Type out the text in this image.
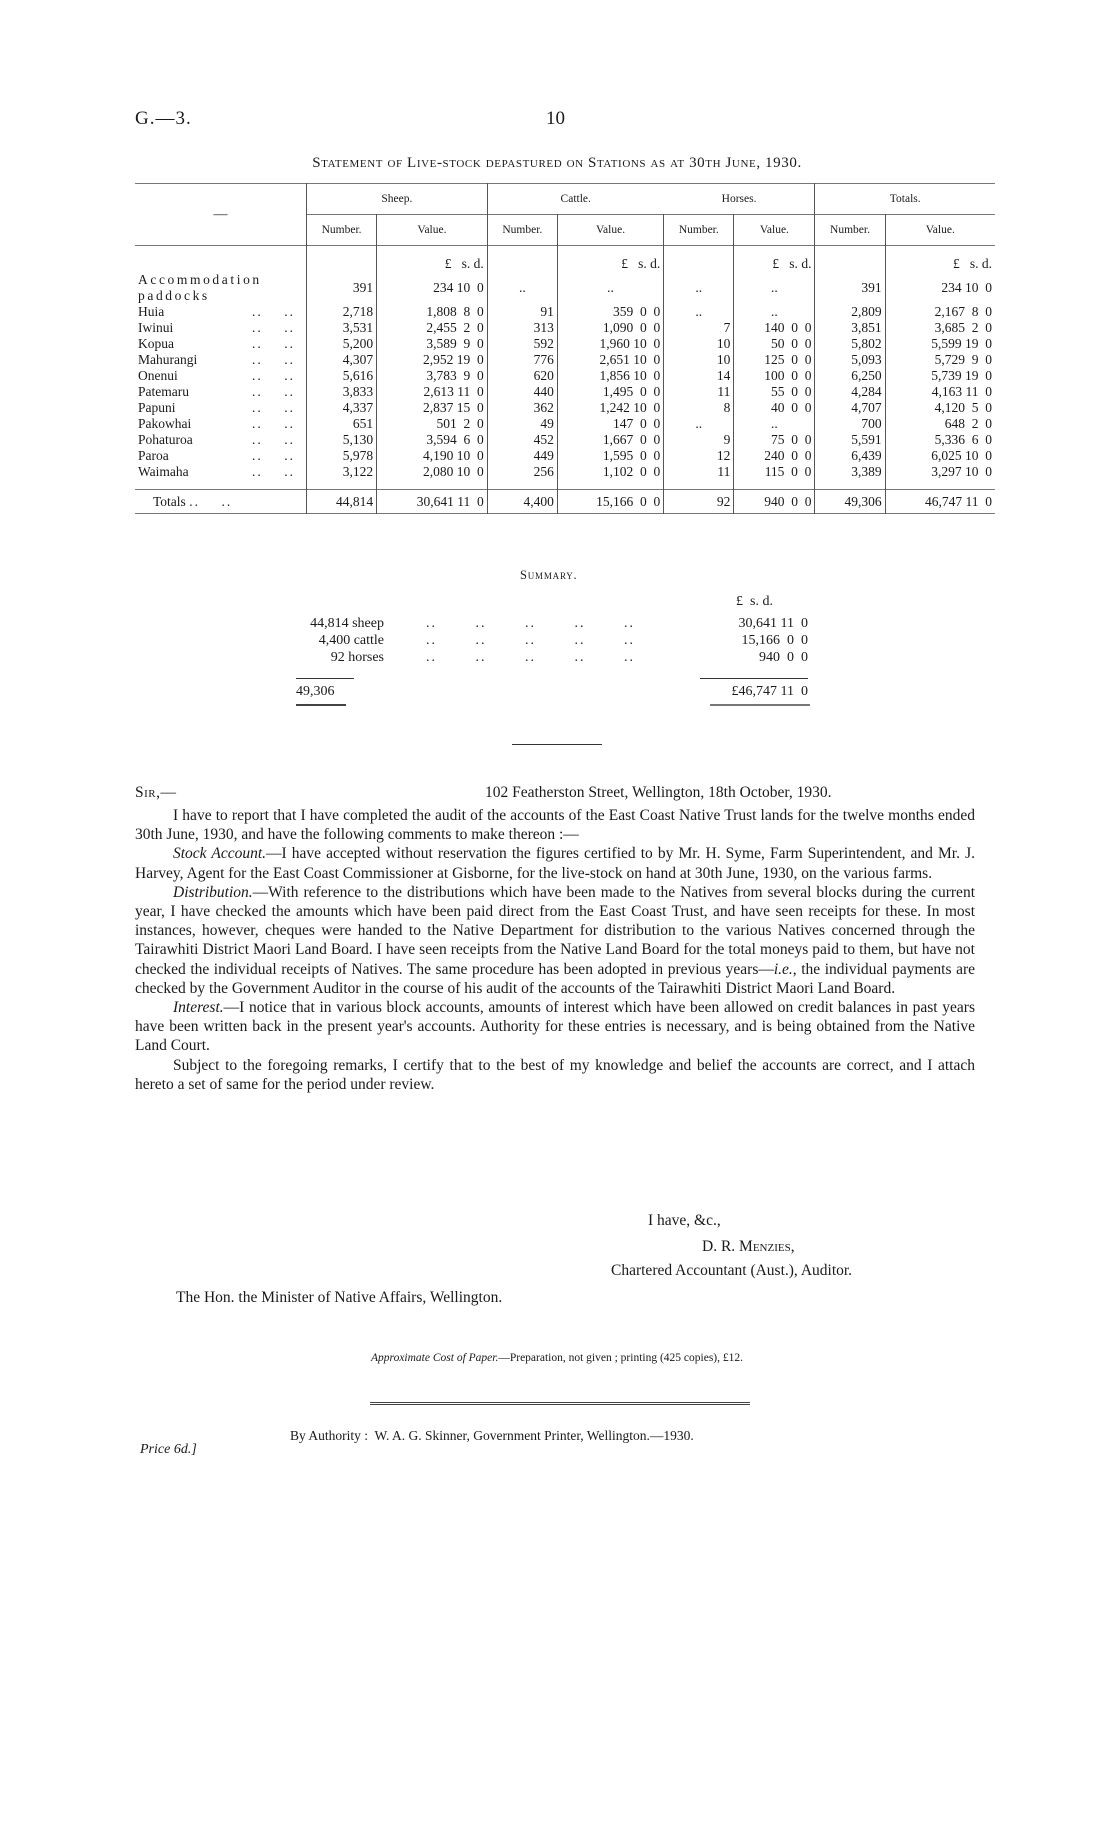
G.—3.	10
Statement of Live-stock depastured on Stations as at 30th June, 1930.
—	Sheep.		Cattle.		Horses.		Totals.	
	Number.	Value.	Number.	Value.	Number.	Value.	Number.	Value.

		£ s. d.		£ s. d.		£ s. d.		£ s. d.
Accommodation paddocks	391	234 10  0	..	..	..	..	391	234 10  0
Huia ..    ..	2,718	1,808  8  0	91	359  0  0	..	..	2,809	2,167  8  0
Iwinui ..    ..	3,531	2,455  2  0	313	1,090  0  0	7	140  0  0	3,851	3,685  2  0
Kopua ..    ..	5,200	3,589  9  0	592	1,960 10  0	10	50  0  0	5,802	5,599 19  0
Mahurangi ..    ..	4,307	2,952 19  0	776	2,651 10  0	10	125  0  0	5,093	5,729  9  0
Onenui ..    ..	5,616	3,783  9  0	620	1,856 10  0	14	100  0  0	6,250	5,739 19  0
Patemaru ..    ..	3,833	2,613 11  0	440	1,495  0  0	11	55  0  0	4,284	4,163 11  0
Papuni ..    ..	4,337	2,837 15  0	362	1,242 10  0	8	40  0  0	4,707	4,120  5  0
Pakowhai ..    ..	651	501  2  0	49	147  0  0	..	..	700	648  2  0
Pohaturoa ..    ..	5,130	3,594  6  0	452	1,667  0  0	9	75  0  0	5,591	5,336  6  0
Paroa ..    ..	5,978	4,190 10  0	449	1,595  0  0	12	240  0  0	6,439	6,025 10  0
Waimaha ..    ..	3,122	2,080 10  0	256	1,102  0  0	11	115  0  0	3,389	3,297 10  0

Totals ..    ..	44,814	30,641 11  0	4,400	15,166  0  0	92	940  0  0	49,306	46,747 11  0
Summary.
£  s. d.
44,814 sheep	..       ..       ..       ..       ..	30,641 11  0
4,400 cattle	..       ..       ..       ..       ..	15,166  0  0
92 horses	..       ..       ..       ..       ..	940  0  0
49,306	£46,747 11  0
Sir,—	102 Featherston Street, Wellington, 18th October, 1930.

I have to report that I have completed the audit of the accounts of the East Coast Native Trust lands for the twelve months ended 30th June, 1930, and have the following comments to make thereon :—

Stock Account.—I have accepted without reservation the figures certified to by Mr. H. Syme, Farm Superintendent, and Mr. J. Harvey, Agent for the East Coast Commissioner at Gisborne, for the live-stock on hand at 30th June, 1930, on the various farms.

Distribution.—With reference to the distributions which have been made to the Natives from several blocks during the current year, I have checked the amounts which have been paid direct from the East Coast Trust, and have seen receipts for these. In most instances, however, cheques were handed to the Native Department for distribution to the various Natives concerned through the Tairawhiti District Maori Land Board. I have seen receipts from the Native Land Board for the total moneys paid to them, but have not checked the individual receipts of Natives. The same procedure has been adopted in previous years—i.e., the individual payments are checked by the Government Auditor in the course of his audit of the accounts of the Tairawhiti District Maori Land Board.

Interest.—I notice that in various block accounts, amounts of interest which have been allowed on credit balances in past years have been written back in the present year's accounts. Authority for these entries is necessary, and is being obtained from the Native Land Court.

Subject to the foregoing remarks, I certify that to the best of my knowledge and belief the accounts are correct, and I attach hereto a set of same for the period under review.

I have, &c.,
D. R. Menzies,
Chartered Accountant (Aust.), Auditor.
The Hon. the Minister of Native Affairs, Wellington.
Approximate Cost of Paper.—Preparation, not given ; printing (425 copies), £12.
By Authority : W. A. G. Skinner, Government Printer, Wellington.—1930.
Price 6d.]
